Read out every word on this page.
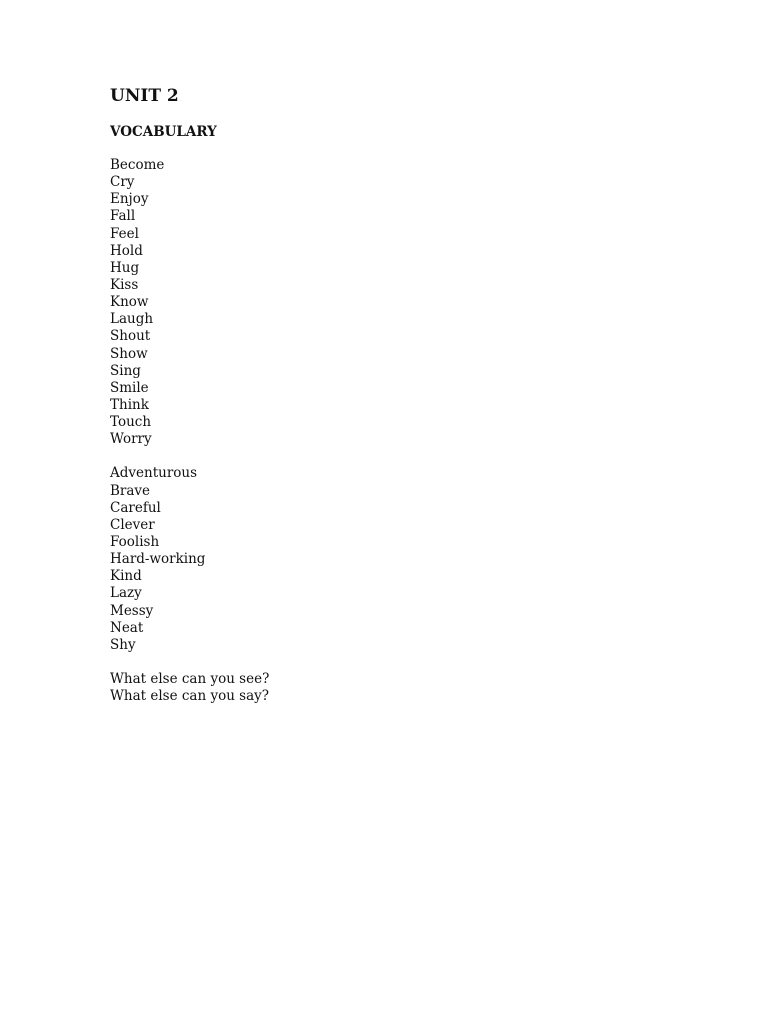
UNIT 2
VOCABULARY
Become
Cry
Enjoy
Fall
Feel
Hold
Hug
Kiss
Know
Laugh
Shout
Show
Sing
Smile
Think
Touch
Worry
Adventurous
Brave
Careful
Clever
Foolish
Hard-working
Kind
Lazy
Messy
Neat
Shy
What else can you see?
What else can you say?
